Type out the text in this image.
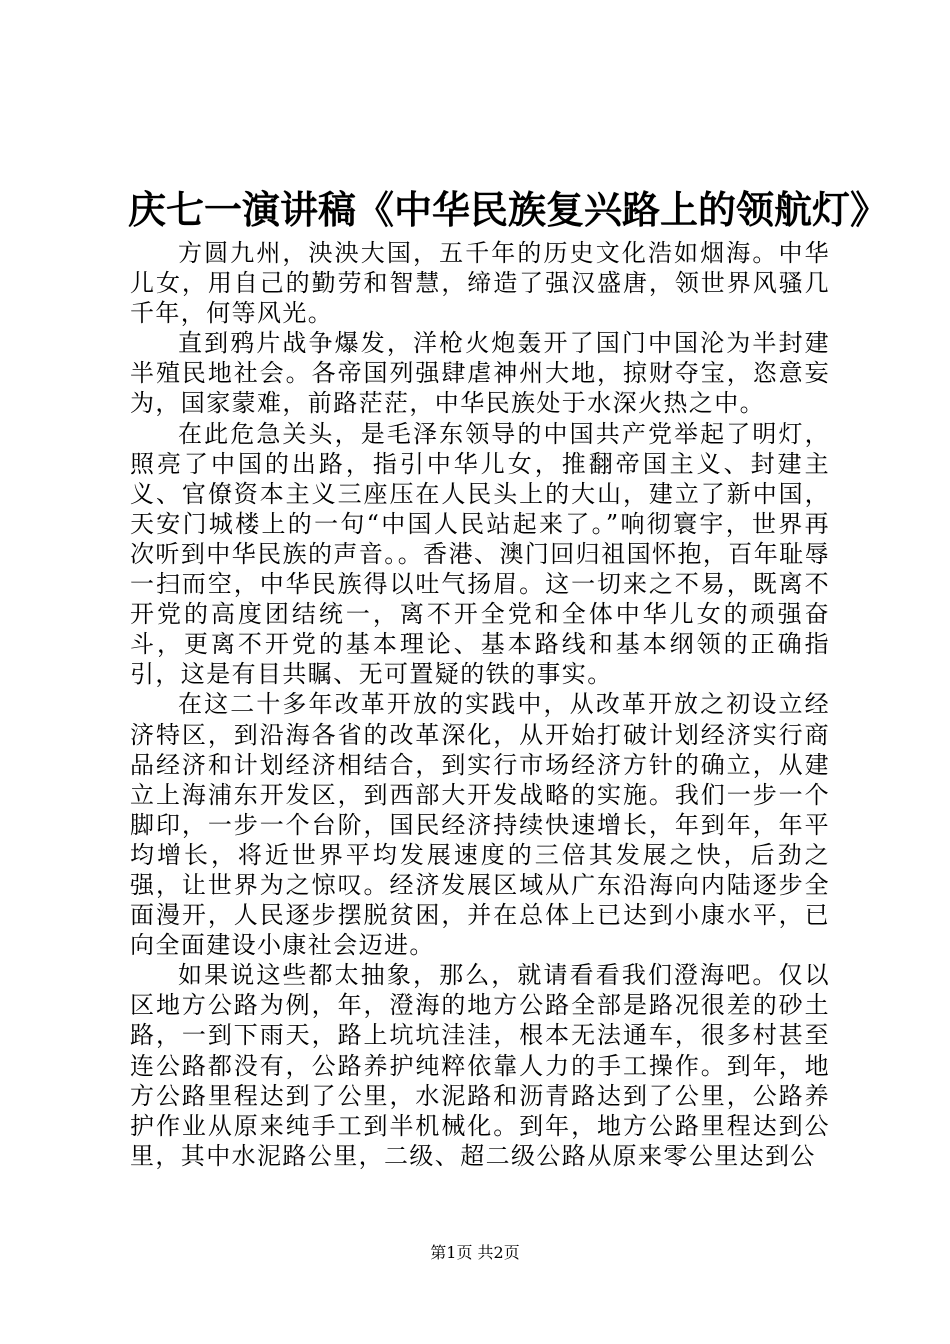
庆七一演讲稿《中华民族复兴路上的领航灯》

方圆九州，泱泱大国，五千年的历史文化浩如烟海。中华儿女，用自己的勤劳和智慧，缔造了强汉盛唐，领世界风骚几千年，何等风光。

直到鸦片战争爆发，洋枪火炮轰开了国门中国沦为半封建半殖民地社会。各帝国列强肆虐神州大地，掠财夺宝，恣意妄为，国家蒙难，前路茫茫，中华民族处于水深火热之中。

在此危急关头，是毛泽东领导的中国共产党举起了明灯，照亮了中国的出路，指引中华儿女，推翻帝国主义、封建主义、官僚资本主义三座压在人民头上的大山，建立了新中国，天安门城楼上的一句“中国人民站起来了。”响彻寰宇，世界再次听到中华民族的声音。。香港、澳门回归祖国怀抱，百年耻辱一扫而空，中华民族得以吐气扬眉。这一切来之不易，既离不开党的高度团结统一，离不开全党和全体中华儿女的顽强奋斗，更离不开党的基本理论、基本路线和基本纲领的正确指引，这是有目共瞩、无可置疑的铁的事实。

在这二十多年改革开放的实践中，从改革开放之初设立经济特区，到沿海各省的改革深化，从开始打破计划经济实行商品经济和计划经济相结合，到实行市场经济方针的确立，从建立上海浦东开发区，到西部大开发战略的实施。我们一步一个脚印，一步一个台阶，国民经济持续快速增长，年到年，年平均增长，将近世界平均发展速度的三倍其发展之快，后劲之强，让世界为之惊叹。经济发展区域从广东沿海向内陆逐步全面漫开，人民逐步摆脱贫困，并在总体上已达到小康水平，已向全面建设小康社会迈进。

如果说这些都太抽象，那么，就请看看我们澄海吧。仅以区地方公路为例，年，澄海的地方公路全部是路况很差的砂土路，一到下雨天，路上坑坑洼洼，根本无法通车，很多村甚至连公路都没有，公路养护纯粹依靠人力的手工操作。到年，地方公路里程达到了公里，水泥路和沥青路达到了公里，公路养护作业从原来纯手工到半机械化。到年，地方公路里程达到公里，其中水泥路公里，二级、超二级公路从原来零公里达到公

第1页 共2页
